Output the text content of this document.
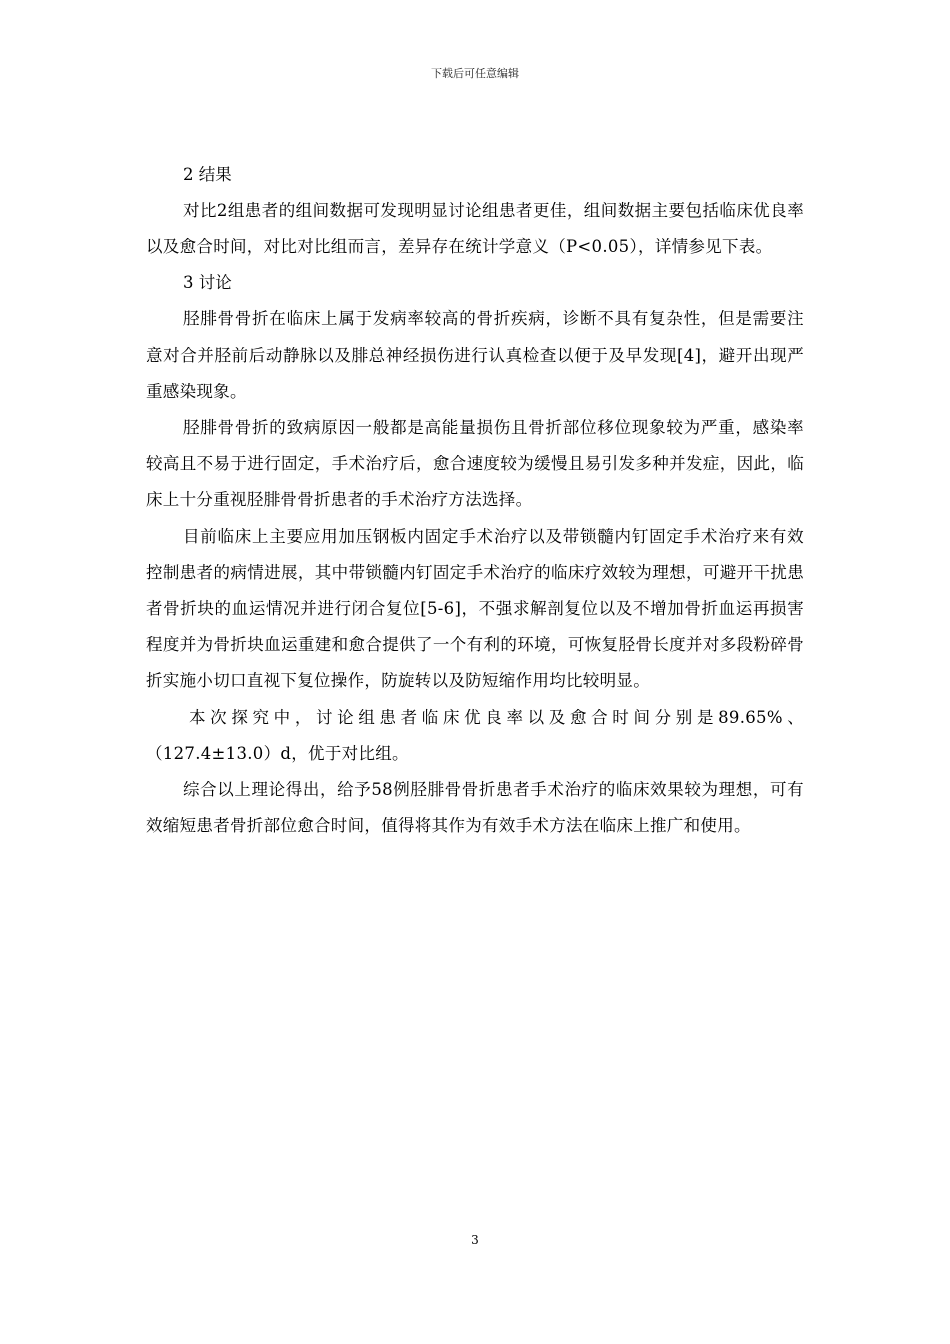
下载后可任意编辑

2 结果

对比2组患者的组间数据可发现明显讨论组患者更佳，组间数据主要包括临床优良率以及愈合时间，对比对比组而言，差异存在统计学意义（P<0.05），详情参见下表。

3 讨论

胫腓骨骨折在临床上属于发病率较高的骨折疾病，诊断不具有复杂性，但是需要注意对合并胫前后动静脉以及腓总神经损伤进行认真检查以便于及早发现[4]，避开出现严重感染现象。

胫腓骨骨折的致病原因一般都是高能量损伤且骨折部位移位现象较为严重，感染率较高且不易于进行固定，手术治疗后，愈合速度较为缓慢且易引发多种并发症，因此，临床上十分重视胫腓骨骨折患者的手术治疗方法选择。

目前临床上主要应用加压钢板内固定手术治疗以及带锁髓内钉固定手术治疗来有效控制患者的病情进展，其中带锁髓内钉固定手术治疗的临床疗效较为理想，可避开干扰患者骨折块的血运情况并进行闭合复位[5-6]，不强求解剖复位以及不增加骨折血运再损害程度并为骨折块血运重建和愈合提供了一个有利的环境，可恢复胫骨长度并对多段粉碎骨折实施小切口直视下复位操作，防旋转以及防短缩作用均比较明显。

本次探究中，讨论组患者临床优良率以及愈合时间分别是89.65%、（127.4±13.0）d，优于对比组。

综合以上理论得出，给予58例胫腓骨骨折患者手术治疗的临床效果较为理想，可有效缩短患者骨折部位愈合时间，值得将其作为有效手术方法在临床上推广和使用。

3
